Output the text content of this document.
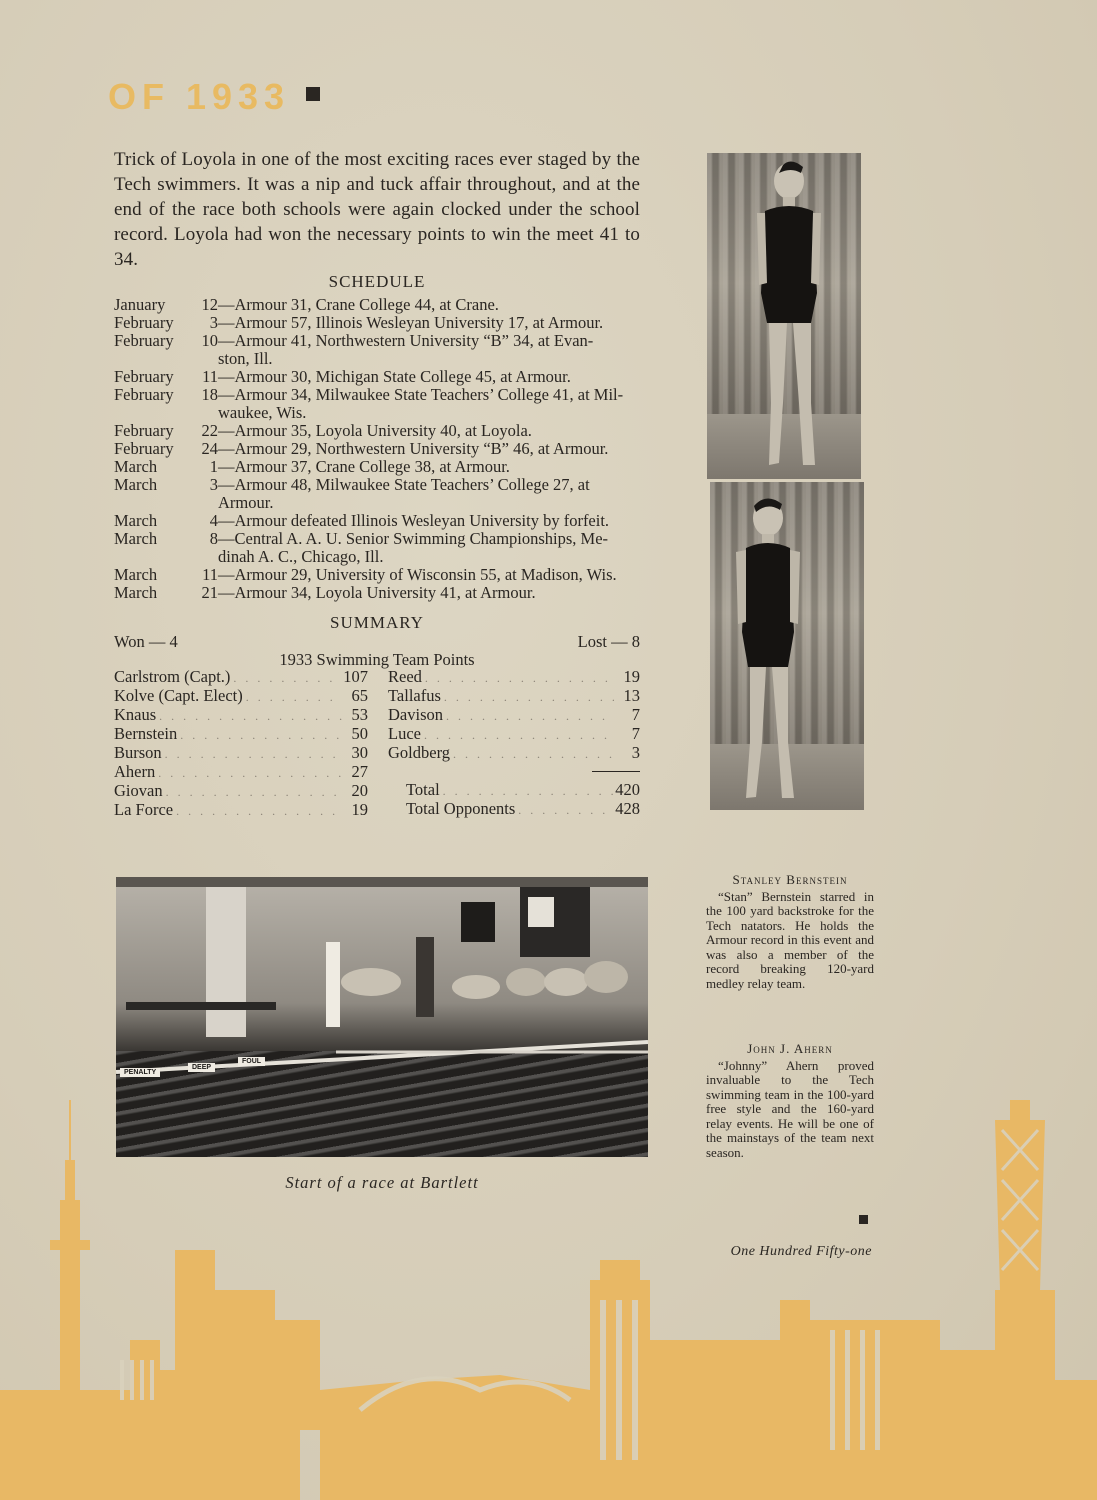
OF 1933

Trick of Loyola in one of the most exciting races ever staged by the Tech swimmers. It was a nip and tuck affair throughout, and at the end of the race both schools were again clocked under the school record. Loyola had won the necessary points to win the meet 41 to 34.

SCHEDULE
January	12 —Armour 31, Crane College 44, at Crane.
February	3 —Armour 57, Illinois Wesleyan University 17, at Armour.
February	10 —Armour 41, Northwestern University “B” 34, at Evan-
ston, Ill.
February	11 —Armour 30, Michigan State College 45, at Armour.
February	18 —Armour 34, Milwaukee State Teachers’ College 41, at Mil-
waukee, Wis.
February	22 —Armour 35, Loyola University 40, at Loyola.
February	24 —Armour 29, Northwestern University “B” 46, at Armour.
March	1 —Armour 37, Crane College 38, at Armour.
March	3 —Armour 48, Milwaukee State Teachers’ College 27, at
Armour.
March	4 —Armour defeated Illinois Wesleyan University by forfeit.
March	8 —Central A. A. U. Senior Swimming Championships, Me-
dinah A. C., Chicago, Ill.
March	11 —Armour 29, University of Wisconsin 55, at Madison, Wis.
March	21 —Armour 34, Loyola University 41, at Armour.
SUMMARY
Won — 4	Lost — 8
1933 Swimming Team Points
Carlstrom (Capt.) . . .	107
Kolve (Capt. Elect) . . .	65
Knaus . . .	53
Bernstein . . .	50
Burson . . .	30
Ahern . . .	27
Giovan . . .	20
La Force . . .	19
Reed . . .	19
Tallafus . . .	13
Davison . . .	7
Luce . . .	7
Goldberg . . .	3
Total . . .	420
Total Opponents . . .	428
PENALTY
DEEP
FOUL
Start of a race at Bartlett
Stanley Bernstein
“Stan” Bernstein starred in the 100 yard backstroke for the Tech natators. He holds the Armour record in this event and was also a member of the record breaking 120-yard medley relay team.
John J. Ahern
“Johnny” Ahern proved invaluable to the Tech swimming team in the 100-yard free style and the 160-yard relay events. He will be one of the mainstays of the team next season.
One Hundred Fifty-one
